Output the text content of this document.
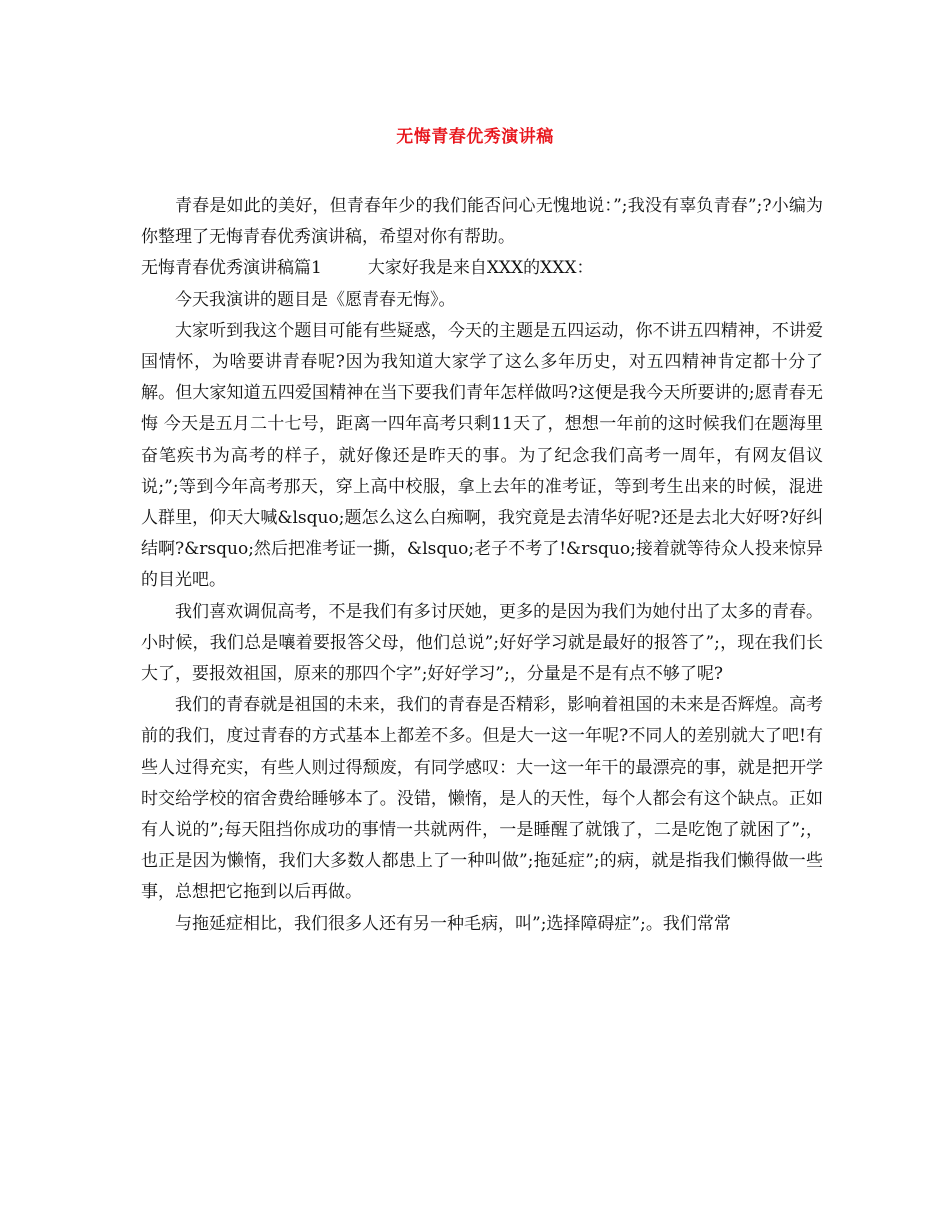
无悔青春优秀演讲稿

青春是如此的美好，但青春年少的我们能否问心无愧地说：”;我没有辜负青春”;?小编为你整理了无悔青春优秀演讲稿，希望对你有帮助。

无悔青春优秀演讲稿篇1	大家好我是来自XXX的XXX：

今天我演讲的题目是《愿青春无悔》。

大家听到我这个题目可能有些疑惑，今天的主题是五四运动，你不讲五四精神，不讲爱国情怀，为啥要讲青春呢?因为我知道大家学了这么多年历史，对五四精神肯定都十分了解。但大家知道五四爱国精神在当下要我们青年怎样做吗?这便是我今天所要讲的;愿青春无悔 今天是五月二十七号，距离一四年高考只剩11天了，想想一年前的这时候我们在题海里奋笔疾书为高考的样子，就好像还是昨天的事。为了纪念我们高考一周年，有网友倡议说;”;等到今年高考那天，穿上高中校服，拿上去年的准考证，等到考生出来的时候，混进人群里，仰天大喊&lsquo;题怎么这么白痴啊，我究竟是去清华好呢?还是去北大好呀?好纠结啊?&rsquo;然后把准考证一撕，&lsquo;老子不考了!&rsquo;接着就等待众人投来惊异的目光吧。

我们喜欢调侃高考，不是我们有多讨厌她，更多的是因为我们为她付出了太多的青春。小时候，我们总是嚷着要报答父母，他们总说”;好好学习就是最好的报答了”;，现在我们长大了，要报效祖国，原来的那四个字”;好好学习”;，分量是不是有点不够了呢?

我们的青春就是祖国的未来，我们的青春是否精彩，影响着祖国的未来是否辉煌。高考前的我们，度过青春的方式基本上都差不多。但是大一这一年呢?不同人的差别就大了吧!有些人过得充实，有些人则过得颓废，有同学感叹：大一这一年干的最漂亮的事，就是把开学时交给学校的宿舍费给睡够本了。没错，懒惰，是人的天性，每个人都会有这个缺点。正如有人说的”;每天阻挡你成功的事情一共就两件，一是睡醒了就饿了，二是吃饱了就困了”;，也正是因为懒惰，我们大多数人都患上了一种叫做”;拖延症”;的病，就是指我们懒得做一些事，总想把它拖到以后再做。

与拖延症相比，我们很多人还有另一种毛病，叫”;选择障碍症”;。我们常常
